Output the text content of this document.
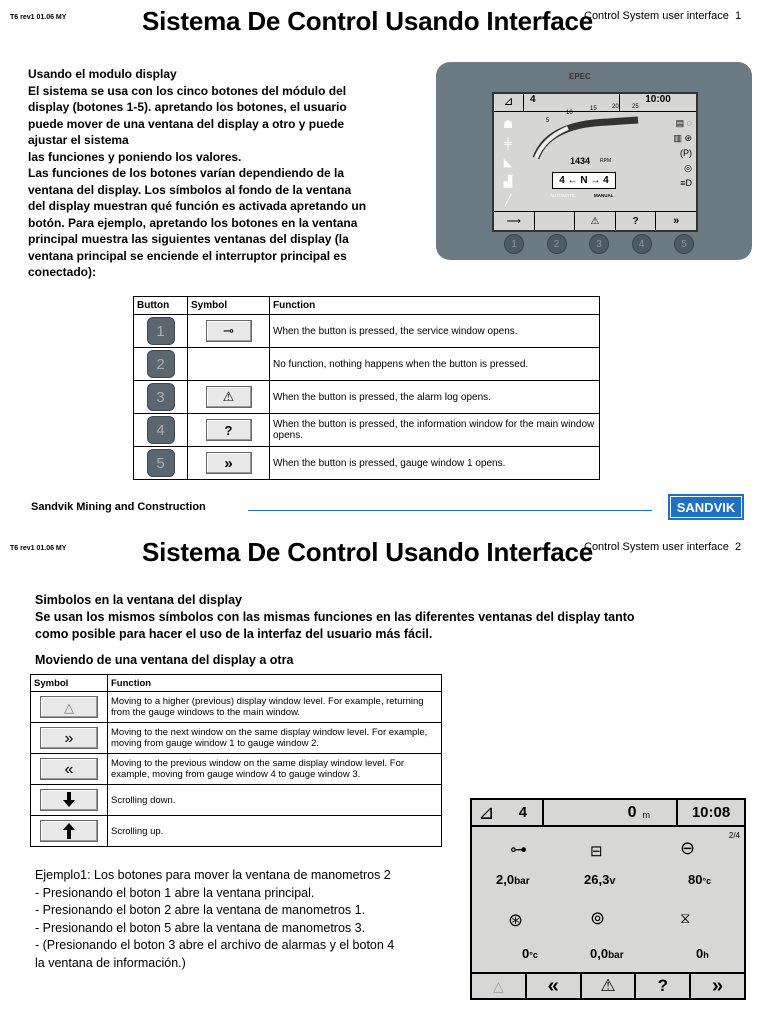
T6 rev1 01.06 MY	Sistema De Control Usando Interface
Control System user interface 1
Usando el modulo display
El sistema se usa con los cinco botones del módulo del
display (botones 1-5). apretando los botones, el usuario
puede mover de una ventana del display a otro y puede
ajustar el sistema
las funciones y poniendo los valores.
Las funciones de los botones varían dependiendo de la
ventana del display. Los símbolos al fondo de la ventana
del display muestran qué función es activada apretando un
botón. Para ejemplo, apretando los botones en la ventana
principal muestra las siguientes ventanas del display (la
ventana principal se enciende el interruptor principal es
conectado):
EPEC
⊿	4	10:00
☗
╪
◣
▟
╱
5
10
15	20 25
1434 RPM
4 ← N → 4
AUTOMATIC	MANUAL
▤ ◌
▥ ⊛
(P)
◎
≡D
⟶	⚠	?	»
1	2	3	4	5
Button	Symbol	Function

1	⊸	When the button is pressed, the service window opens.

2		No function, nothing happens when the button is pressed.

3	⚠	When the button is pressed, the alarm log opens.

4	?	When the button is pressed, the information window for the main window opens.

5	»	When the button is pressed, gauge window 1 opens.
Sandvik Mining and Construction	SANDVIK
T6 rev1 01.06 MY	Sistema De Control Usando Interface
Control System user interface 2
Simbolos en la ventana del display
Se usan los mismos símbolos con las mismas funciones en las diferentes ventanas del display tanto
como posible para hacer el uso de la interfaz del usuario más fácil.
Moviendo de una ventana del display a otra
Symbol	Function

△	Moving to a higher (previous) display window level. For example, returning from the gauge windows to the main window.

»	Moving to the next window on the same display window level. For example, moving from gauge window 1 to gauge window 2.

«	Moving to the previous window on the same display window level. For example, moving from gauge window 4 to gauge window 3.

	Scrolling down.

	Scrolling up.
Ejemplo1: Los botones para mover la ventana de manometros 2
- Presionando el boton 1 abre la ventana principal.
- Presionando el boton 2 abre la ventana de manometros 1.
- Presionando el boton 5 abre la ventana de manometros 3.
- (Presionando el boton 3 abre el archivo de alarmas y el boton 4
la ventana de información.)
⊿ 4	0 m	10:08
2/4
⊶	⊟	⊖
2,0bar	26,3v	80°c
⊛	⊚	⧖
0°c	0,0bar	0h
△	«	⚠	?	»
